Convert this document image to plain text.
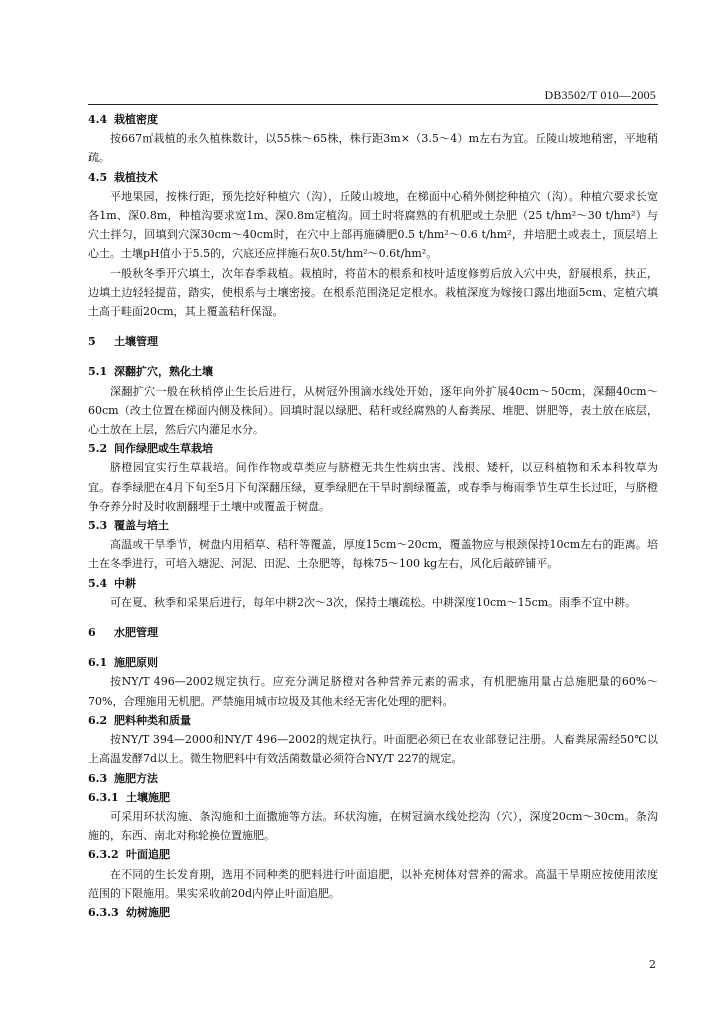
DB3502/T 010—2005
4.4 栽植密度

按667㎡栽植的永久植株数计，以55株～65株，株行距3m×（3.5～4）m左右为宜。丘陵山坡地稍密，平地稍疏。

4.5 栽植技术

平地果园，按株行距，预先挖好种植穴（沟），丘陵山坡地，在梯面中心稍外侧挖种植穴（沟）。种植穴要求长宽各1m、深0.8m，种植沟要求宽1m、深0.8m定植沟。回土时将腐熟的有机肥或土杂肥（25 t/hm²～30 t/hm²）与穴土拌匀，回填到穴深30cm～40cm时，在穴中上部再施磷肥0.5 t/hm²～0.6 t/hm²，并培肥土或表土，顶层培上心土。土壤pH值小于5.5的，穴底还应拌施石灰0.5t/hm²～0.6t/hm²。

一般秋冬季开穴填土，次年春季栽植。栽植时，将苗木的根系和枝叶适度修剪后放入穴中央，舒展根系，扶正，边填土边轻轻提苗，踏实，使根系与土壤密接。在根系范围浇足定根水。栽植深度为嫁接口露出地面5cm、定植穴填土高于畦面20cm，其上覆盖秸秆保湿。

5 土壤管理
5.1 深翻扩穴，熟化土壤

深翻扩穴一般在秋梢停止生长后进行，从树冠外围滴水线处开始，逐年向外扩展40cm～50cm，深翻40cm～60cm（改土位置在梯面内侧及株间）。回填时混以绿肥、秸秆或经腐熟的人畜粪尿、堆肥、饼肥等，表土放在底层，心土放在上层，然后穴内灌足水分。

5.2 间作绿肥或生草栽培

脐橙园宜实行生草栽培。间作作物或草类应与脐橙无共生性病虫害、浅根、矮杆，以豆科植物和禾本科牧草为宜。春季绿肥在4月下旬至5月下旬深翻压绿，夏季绿肥在干旱时割绿覆盖，或春季与梅雨季节生草生长过旺，与脐橙争夺养分时及时收割翻埋于土壤中或覆盖于树盘。

5.3 覆盖与培土

高温或干旱季节，树盘内用稻草、秸秆等覆盖，厚度15cm～20cm，覆盖物应与根颈保持10cm左右的距离。培土在冬季进行，可培入塘泥、河泥、田泥、土杂肥等，每株75～100 kg左右，风化后敲碎铺平。

5.4 中耕

可在夏、秋季和采果后进行，每年中耕2次～3次，保持土壤疏松。中耕深度10cm～15cm。雨季不宜中耕。

6 水肥管理
6.1 施肥原则

按NY/T 496—2002规定执行。应充分满足脐橙对各种营养元素的需求，有机肥施用量占总施肥量的60%～70%，合理施用无机肥。严禁施用城市垃圾及其他未经无害化处理的肥料。

6.2 肥料种类和质量

按NY/T 394—2000和NY/T 496—2002的规定执行。叶面肥必须已在农业部登记注册。人畜粪尿需经50℃以上高温发酵7d以上。微生物肥料中有效活菌数量必须符合NY/T 227的规定。

6.3 施肥方法
6.3.1 土壤施肥

可采用环状沟施、条沟施和土面撒施等方法。环状沟施，在树冠滴水线处挖沟（穴），深度20cm～30cm。条沟施的，东西、南北对称轮换位置施肥。

6.3.2 叶面追肥

在不同的生长发育期，选用不同种类的肥料进行叶面追肥，以补充树体对营养的需求。高温干旱期应按使用浓度范围的下限施用。果实采收前20d内停止叶面追肥。

6.3.3 幼树施肥
2
